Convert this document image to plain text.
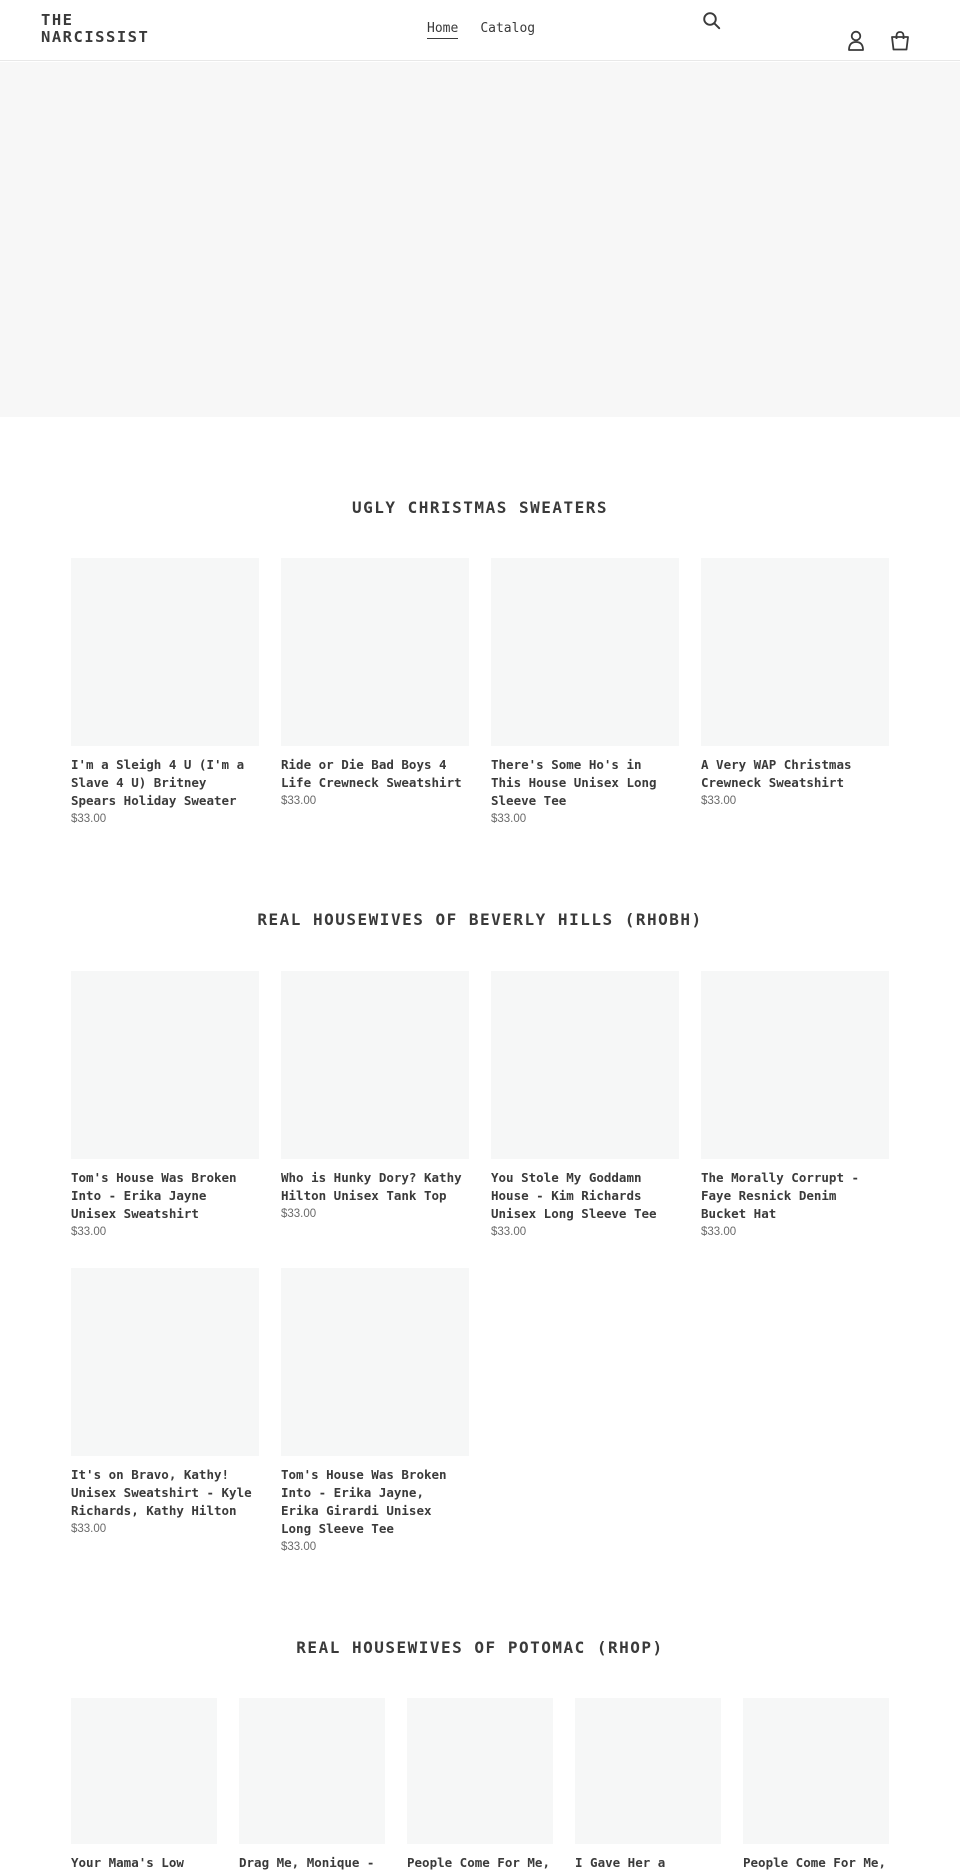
THE
NARCISSIST	Home Catalog
UGLY CHRISTMAS SWEATERS
I'm a Sleigh 4 U (I'm a Slave 4 U) Britney Spears Holiday Sweater
$33.00
Ride or Die Bad Boys 4 Life Crewneck Sweatshirt
$33.00
There's Some Ho's in This House Unisex Long Sleeve Tee
$33.00
A Very WAP Christmas Crewneck Sweatshirt
$33.00
REAL HOUSEWIVES OF BEVERLY HILLS (RHOBH)
Tom's House Was Broken Into - Erika Jayne Unisex Sweatshirt
$33.00
Who is Hunky Dory? Kathy Hilton Unisex Tank Top
$33.00
You Stole My Goddamn House - Kim Richards Unisex Long Sleeve Tee
$33.00
The Morally Corrupt - Faye Resnick Denim Bucket Hat
$33.00
It's on Bravo, Kathy! Unisex Sweatshirt - Kyle Richards, Kathy Hilton
$33.00
Tom's House Was Broken Into - Erika Jayne, Erika Girardi Unisex Long Sleeve Tee
$33.00
REAL HOUSEWIVES OF POTOMAC (RHOP)
Your Mama's Low	Drag Me, Monique -	People Come For Me, I Gave Her a	People Come For Me,
